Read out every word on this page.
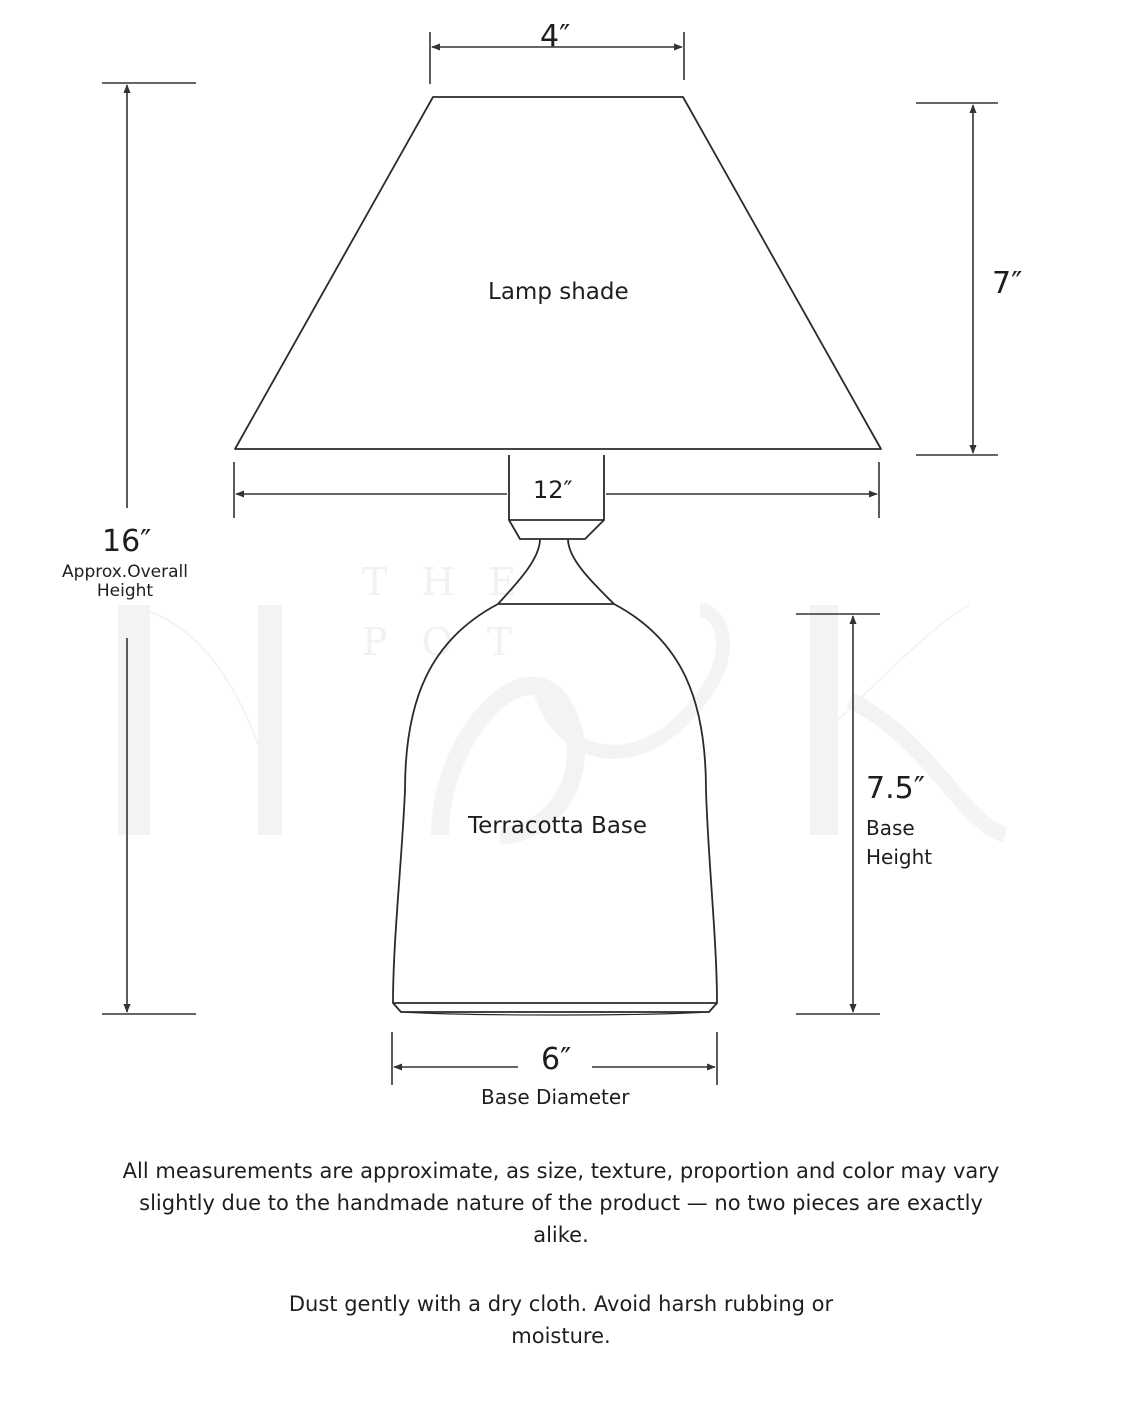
THE
POT
4″
7″
12″
16″
Approx.Overall
Height
7.5″
Base
Height
6″
Base Diameter
Lamp shade
Terracotta Base
All measurements are approximate, as size, texture, proportion and color may vary slightly due to the handmade nature of the product — no two pieces are exactly alike.
Dust gently with a dry cloth. Avoid harsh rubbing or moisture.
